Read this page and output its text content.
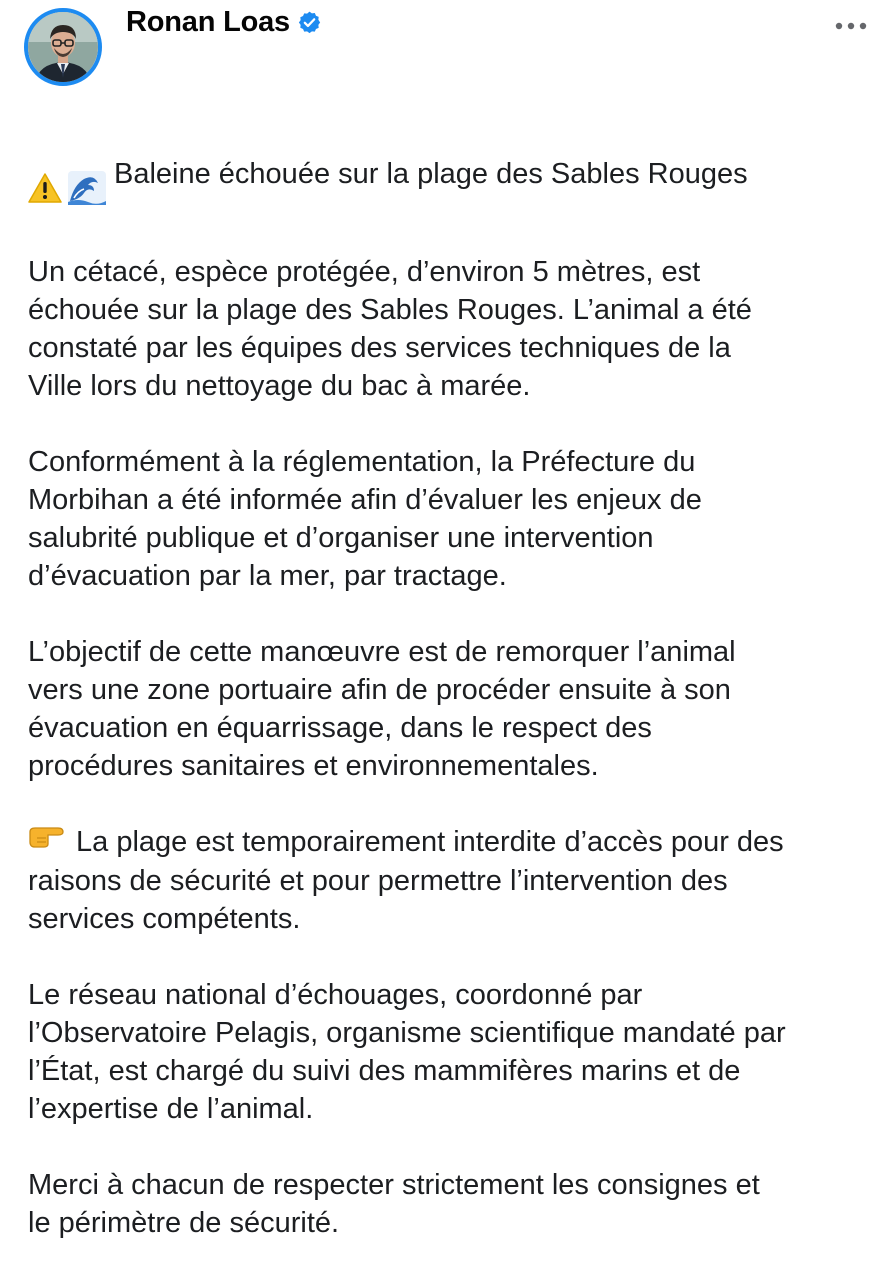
Ronan Loas

Baleine échouée sur la plage des Sables Rouges

Un cétacé, espèce protégée, d’environ 5 mètres, est
échouée sur la plage des Sables Rouges. L’animal a été
constaté par les équipes des services techniques de la
Ville lors du nettoyage du bac à marée.

Conformément à la réglementation, la Préfecture du
Morbihan a été informée afin d’évaluer les enjeux de
salubrité publique et d’organiser une intervention
d’évacuation par la mer, par tractage.

L’objectif de cette manœuvre est de remorquer l’animal
vers une zone portuaire afin de procéder ensuite à son
évacuation en équarrissage, dans le respect des
procédures sanitaires et environnementales.

La plage est temporairement interdite d’accès pour des
raisons de sécurité et pour permettre l’intervention des
services compétents.

Le réseau national d’échouages, coordonné par
l’Observatoire Pelagis, organisme scientifique mandaté par
l’État, est chargé du suivi des mammifères marins et de
l’expertise de l’animal.

Merci à chacun de respecter strictement les consignes et
le périmètre de sécurité.
